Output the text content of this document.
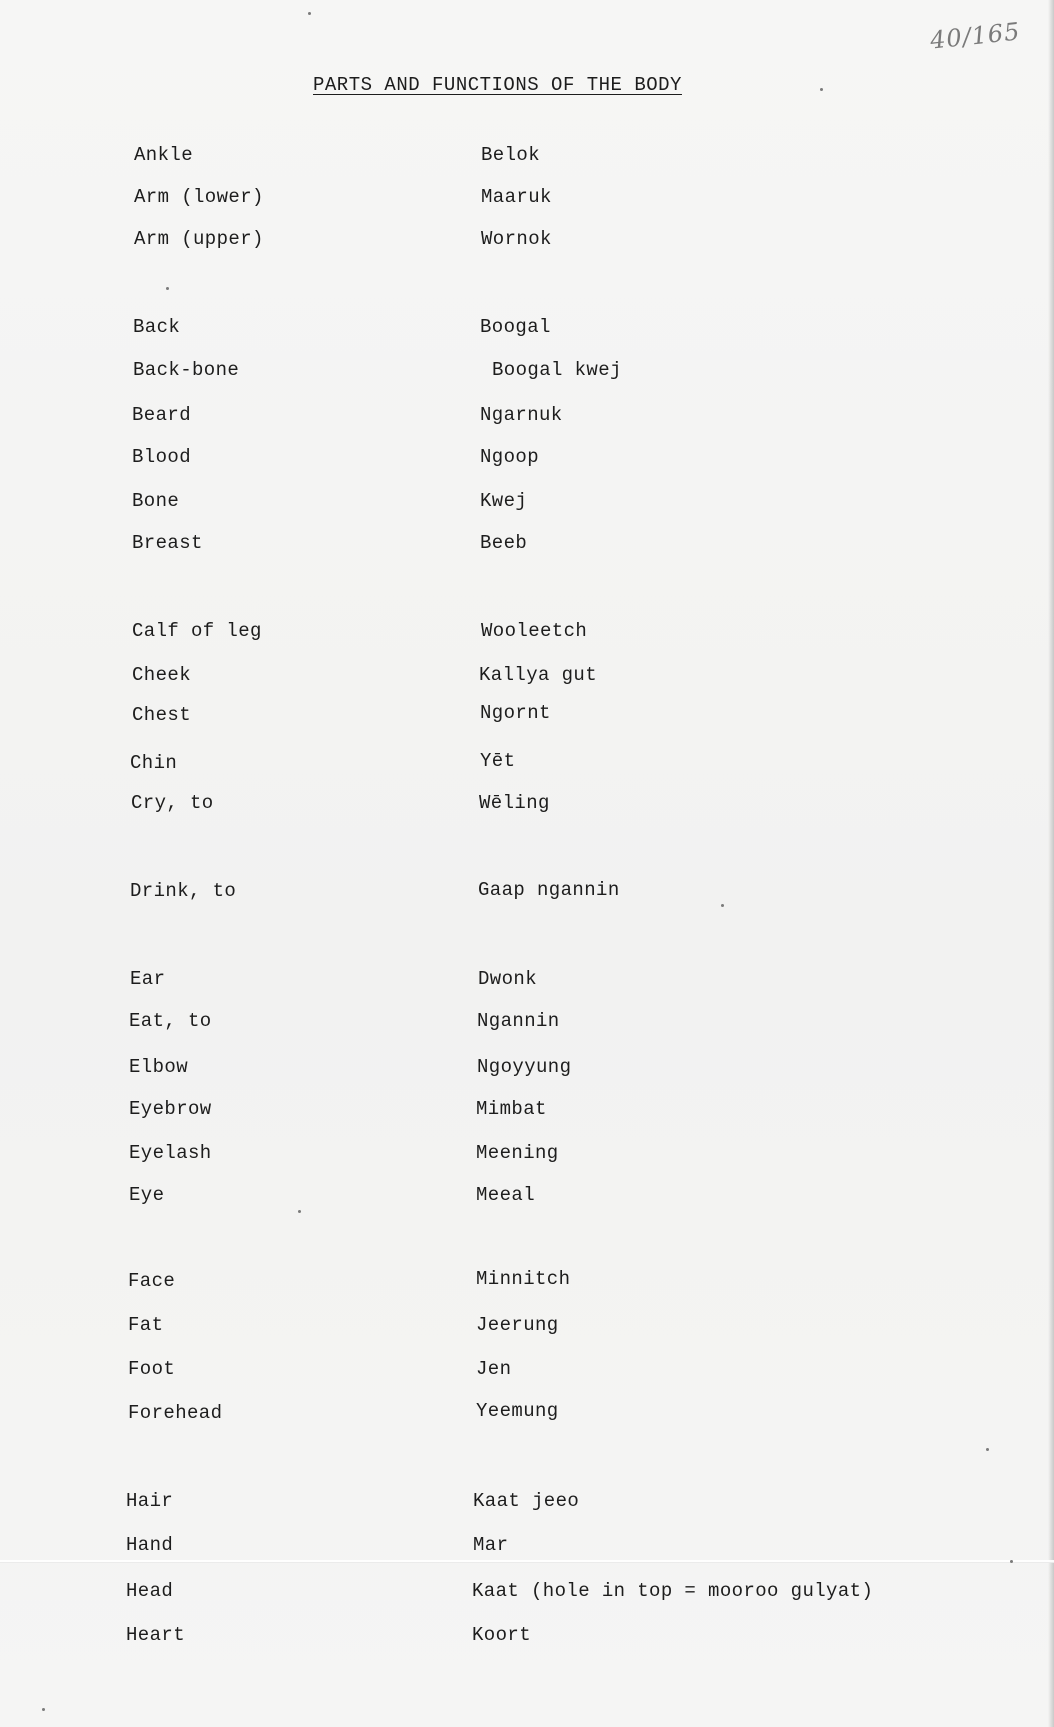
40/165
PARTS AND FUNCTIONS OF THE BODY
Ankle	Belok
Arm (lower)	Maaruk
Arm (upper)	Wornok
Back	Boogal
Back-bone	Boogal kwej
Beard	Ngarnuk
Blood	Ngoop
Bone	Kwej
Breast	Beeb
Calf of leg	Wooleetch
Cheek	Kallya gut
Chest	Ngornt
Chin	Yēt
Cry, to	Wēling
Drink, to	Gaap ngannin
Ear	Dwonk
Eat, to	Ngannin
Elbow	Ngoyyung
Eyebrow	Mimbat
Eyelash	Meening
Eye	Meeal
Face	Minnitch
Fat	Jeerung
Foot	Jen
Forehead	Yeemung
Hair	Kaat jeeo
Hand	Mar
Head	Kaat (hole in top = mooroo gulyat)
Heart	Koort
